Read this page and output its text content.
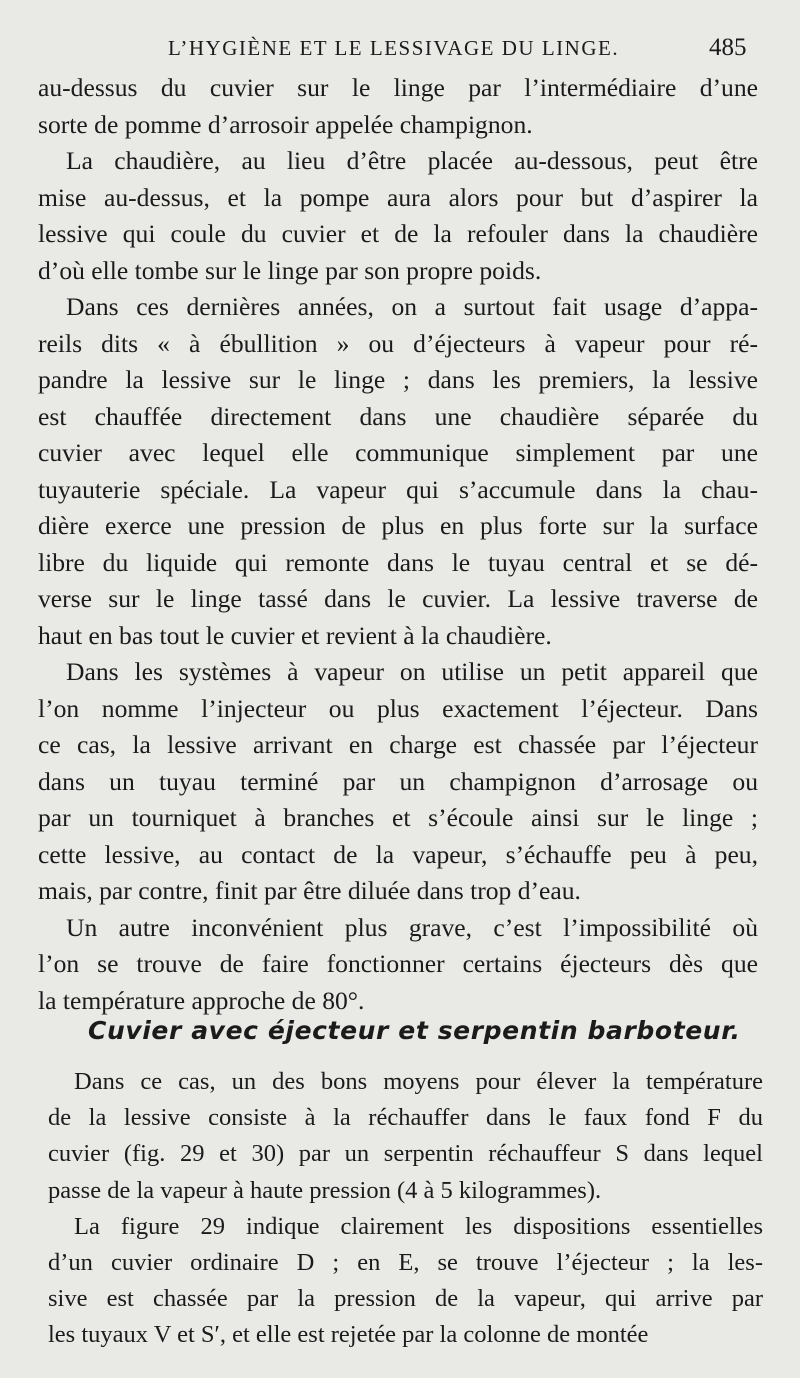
L’HYGIÈNE ET LE LESSIVAGE DU LINGE.	485

au-dessus du cuvier sur le linge par l’intermédiaire d’une
sorte de pomme d’arrosoir appelée champignon.

La chaudière, au lieu d’être placée au-dessous, peut être
mise au-dessus, et la pompe aura alors pour but d’aspirer la
lessive qui coule du cuvier et de la refouler dans la chaudière
d’où elle tombe sur le linge par son propre poids.

Dans ces dernières années, on a surtout fait usage d’appa-
reils dits « à ébullition » ou d’éjecteurs à vapeur pour ré-
pandre la lessive sur le linge ; dans les premiers, la lessive
est chauffée directement dans une chaudière séparée du
cuvier avec lequel elle communique simplement par une
tuyauterie spéciale. La vapeur qui s’accumule dans la chau-
dière exerce une pression de plus en plus forte sur la surface
libre du liquide qui remonte dans le tuyau central et se dé-
verse sur le linge tassé dans le cuvier. La lessive traverse de
haut en bas tout le cuvier et revient à la chaudière.

Dans les systèmes à vapeur on utilise un petit appareil que
l’on nomme l’injecteur ou plus exactement l’éjecteur. Dans
ce cas, la lessive arrivant en charge est chassée par l’éjecteur
dans un tuyau terminé par un champignon d’arrosage ou
par un tourniquet à branches et s’écoule ainsi sur le linge ;
cette lessive, au contact de la vapeur, s’échauffe peu à peu,
mais, par contre, finit par être diluée dans trop d’eau.

Un autre inconvénient plus grave, c’est l’impossibilité où
l’on se trouve de faire fonctionner certains éjecteurs dès que
la température approche de 80°.

Cuvier avec éjecteur et serpentin barboteur.

Dans ce cas, un des bons moyens pour élever la température
de la lessive consiste à la réchauffer dans le faux fond F du
cuvier (fig. 29 et 30) par un serpentin réchauffeur S dans lequel
passe de la vapeur à haute pression (4 à 5 kilogrammes).

La figure 29 indique clairement les dispositions essentielles
d’un cuvier ordinaire D ; en E, se trouve l’éjecteur ; la les-
sive est chassée par la pression de la vapeur, qui arrive par
les tuyaux V et S′, et elle est rejetée par la colonne de montée
